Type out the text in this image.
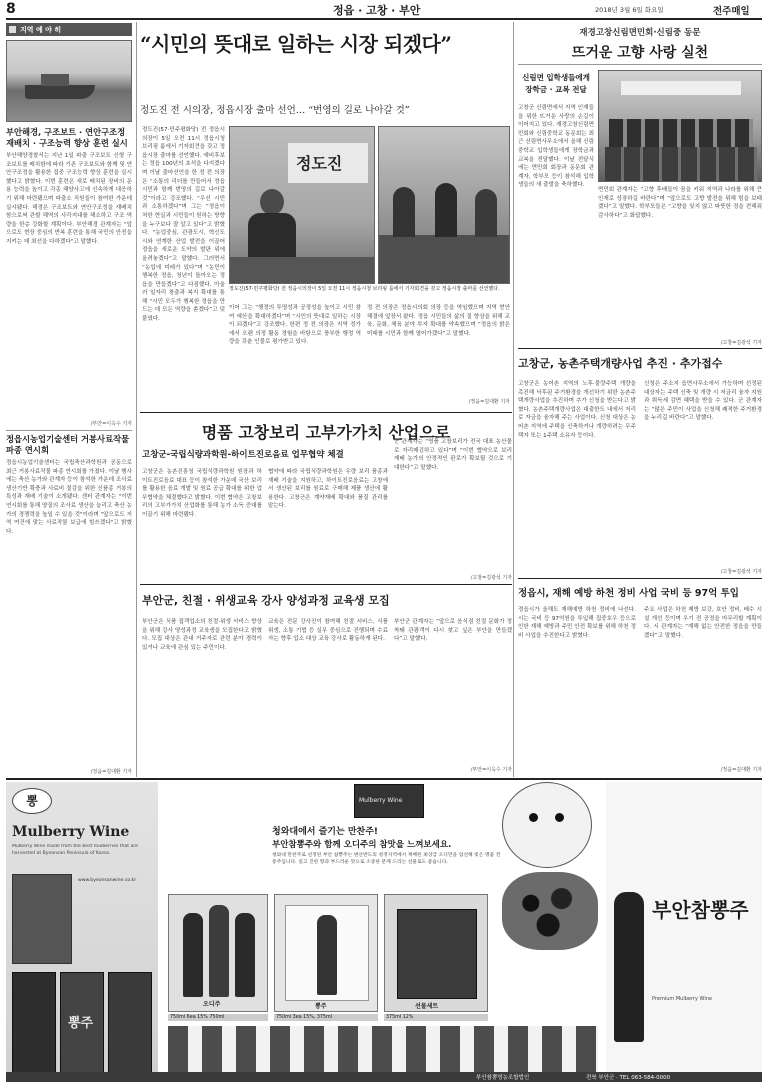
8	정읍 · 고창 · 부안	2018년 3월 6일 화요일	전주매일
지역 예 야 히
부안해경, 구조보트 · 연안구조정 재배치 · 구조능력 향상 훈련 실시
부안해양경찰서는 지난 1일 파출 구조보트 신형 구조보트를 배치함에 따라 기존 구조보트와 함께 및 연안구조정을 활용한 집중 구조능력 향상 훈련을 실시했다고 밝혔다. 이번 훈련은 새로 배치된 장비의 운용 능력을 높이고 각종 해양사고에 신속하게 대응하기 위해 마련됐으며 파출소 직원들이 참여한 가운데 실시됐다. 해경은 구조보트와 연안구조정을 재배치함으로써 관할 해역의 사각지대를 해소하고 구조 역량을 한층 강화할 계획이다. 부안해경 관계자는 "앞으로도 현장 중심의 반복 훈련을 통해 국민의 안전을 지키는 데 최선을 다하겠다"고 말했다.
/부안=이옥수 기자
정읍시농업기술센터 거봉사료작물 파종 연시회
정읍시농업기술센터는 국립축산과학원과 공동으로 최근 거봉사료작물 파종 연시회를 가졌다. 이날 행사에는 축산 농가와 관계자 등이 참석한 가운데 조사료 생산기반 확충과 사료비 절감을 위한 신품종 거봉의 특성과 재배 기술이 소개됐다. 센터 관계자는 "이번 연시회를 통해 양질의 조사료 생산을 늘리고 축산 농가의 경쟁력을 높일 수 있을 것"이라며 "앞으로도 지역 여건에 맞는 사료작물 보급에 힘쓰겠다"고 밝혔다.
/정읍=김대환 기자
“시민의 뜻대로 일하는 시장 되겠다”
정도진 전 시의장, 정읍시장 출마 선언… “번영의 길로 나아갈 것”
정도진(57·민주평화당) 전 정읍시의장이 5일 오전 11시 정읍시청 브리핑 룸에서 기자회견을 갖고 정읍시장 출마를 선언했다. 예비후보는 정읍 100년의 초석을 다지겠다며 이날 출마선언을 한 정 전 의장은 “소통의 리더를 만들어서 정읍시민과 함께 번영의 길로 나아갈 것”이라고 강조했다. “우선 시민과 소통하겠다”며 그는 “정읍이 처한 현실과 시민들이 원하는 방향을 누구보다 잘 알고 있다”고 밝혔다. “농업중심, 관광도시, 혁신도시와 연계한 산업 발전을 이끌어 정읍을 새로운 도약의 발판 위에 올려놓겠다”고 말했다. 그러면서 “농업에 미래가 있다”며 “농민이 행복한 정읍, 청년이 돌아오는 정읍을 만들겠다”고 다짐했다. 아울러 일자리 창출과 복지 확대를 통해 “시민 모두가 행복한 정읍을 만드는 데 모든 역량을 쏟겠다”고 덧붙였다.
정도진
정도진(57·민주평화당) 전 정읍시의장이 5일 오전 11시 정읍시청 브리핑 룸에서 기자회견을 갖고 정읍시장 출마를 선언했다.
이어 그는 “행정의 투명성과 공정성을 높이고 시민 참여 예산을 확대하겠다”며 “시민의 뜻대로 일하는 시장이 되겠다”고 강조했다. 한편 정 전 의장은 지역 정가에서 오랜 의정 활동 경험을 바탕으로 풍부한 행정 역량을 갖춘 인물로 평가받고 있다.
정 전 의장은 정읍시의회 의장 등을 역임했으며 지역 현안 해결에 앞장서 왔다. 정읍 시민들의 삶의 질 향상을 위해 교육, 문화, 체육 분야 투자 확대를 약속했으며 “정읍의 밝은 미래를 시민과 함께 열어가겠다”고 말했다.
/정읍=김대환 기자
재경고창신림면민회·신림중 동문
뜨거운 고향 사랑 실천
신림면 입학생들에게
장학금 · 교복 전달
고창군 신림면에서 지역 인재들을 위한 뜨거운 사랑의 손길이 이어지고 있다. 재경고창신림면민회와 신림중학교 동문회는 최근 신림면사무소에서 올해 신림중학교 입학생들에게 장학금과 교복을 전달했다. 이날 전달식에는 면민회 회장과 동문회 관계자, 학부모 등이 참석해 입학생들의 새 출발을 축하했다.
면민회 관계자는 “고향 후배들이 꿈을 키워 지역과 나라를 위해 큰 인재로 성장하길 바란다”며 “앞으로도 고향 발전을 위해 힘을 보태겠다”고 말했다. 학부모들은 “고향을 잊지 않고 따뜻한 정을 전해줘 감사하다”고 화답했다.
/고창=김광석 기자
고창군, 농촌주택개량사업 추진 · 추가접수
고창군은 농어촌 지역의 노후·불량주택 개량을 촉진해 낙후된 주거환경을 개선하기 위한 농촌주택개량사업을 추진하며 추가 신청을 받는다고 밝혔다. 농촌주택개량사업은 대출한도 내에서 저리로 자금을 융자해 주는 사업이다. 신청 대상은 농어촌 지역에 주택을 신축하거나 개량하려는 무주택자 또는 1주택 소유자 등이다.
신청은 주소지 읍면사무소에서 가능하며 선정된 대상자는 주택 신축 및 개량 시 저금리 융자 지원과 취득세 감면 혜택을 받을 수 있다. 군 관계자는 “많은 주민이 사업을 신청해 쾌적한 주거환경을 누리길 바란다”고 말했다.
/고창=김광석 기자
명품 고창보리 고부가가치 산업으로
고창군-국립식량과학원-하이트진로음료 업무협약 체결
고창군은 농촌진흥청 국립식량과학원 원장과 하이트진로음료 대표 등이 참석한 가운데 국산 보리를 활용한 음료 개발 및 원료 공급 확대를 위한 업무협약을 체결했다고 밝혔다. 이번 협약은 고창보리의 고부가가치 산업화를 통해 농가 소득 증대를 이끌기 위해 마련됐다.
협약에 따라 국립식량과학원은 우량 보리 품종과 재배 기술을 지원하고, 하이트진로음료는 고창에서 생산된 보리를 원료로 구매해 제품 생산에 활용한다. 고창군은 계약재배 확대와 품질 관리를 맡는다.
군 관계자는 “명품 고창보리가 전국 대표 농산물로 자리매김하고 있다”며 “이번 협약으로 보리 재배 농가의 안정적인 판로가 확보될 것으로 기대한다”고 말했다.
/고창=김광석 기자
부안군, 친절 · 위생교육 강사 양성과정 교육생 모집
부안군은 식품 접객업소의 친절·위생 서비스 향상을 위해 강사 양성과정 교육생을 모집한다고 밝혔다. 모집 대상은 관내 거주자로 관련 분야 경력이 있거나 교육에 관심 있는 주민이다.
교육은 전문 강사진이 참여해 친절 서비스, 식품 위생, 소통 기법 등 실무 중심으로 진행되며 수료자는 향후 업소 대상 교육 강사로 활동하게 된다.
부안군 관계자는 “앞으로 음식점 친절 문화가 정착돼 관광객이 다시 찾고 싶은 부안을 만들겠다”고 말했다.
/부안=이옥수 기자
정읍시, 재해 예방 하천 정비 사업 국비 등 97억 투입
정읍시가 올해도 재해예방 하천 정비에 나선다. 시는 국비 등 97억원을 투입해 집중호우 등으로 인한 재해 예방과 주민 안전 확보를 위해 하천 정비 사업을 추진한다고 밝혔다.
주요 사업은 하천 제방 보강, 호안 정비, 배수 시설 개선 등이며 우기 전 공정을 마무리할 계획이다. 시 관계자는 “재해 없는 안전한 정읍을 만들겠다”고 말했다.
/정읍=김대환 기자
뽕
Mulberry Wine
Mulberry Wine made from the best mulberries that are harvested at Byeonsan Peninsula of Korea.
www.byeonsanwine.co.kr
뽕주
Mulberry Wine
청와대에서 즐기는 만찬주!
부안참뽕주와 함께 오디주의 참맛을 느껴보세요.
청와대 만찬주로 선정된 부안 참뽕주는 변산반도의 청정지역에서 재배된 최상급 오디만을 엄선해 빚은 명품 전통주입니다. 깊고 진한 향과 부드러운 맛으로 소중한 분께 드리는 선물로도 좋습니다.
오디주
750ml 6ea 15% 750ml
뽕주
750ml 3ea 15%, 375ml
선물세트
375ml 12%
부안참뽕주
Premium Mulberry Wine
부안참뽕영농조합법인	전북 부안군 · TEL 063-584-0000
